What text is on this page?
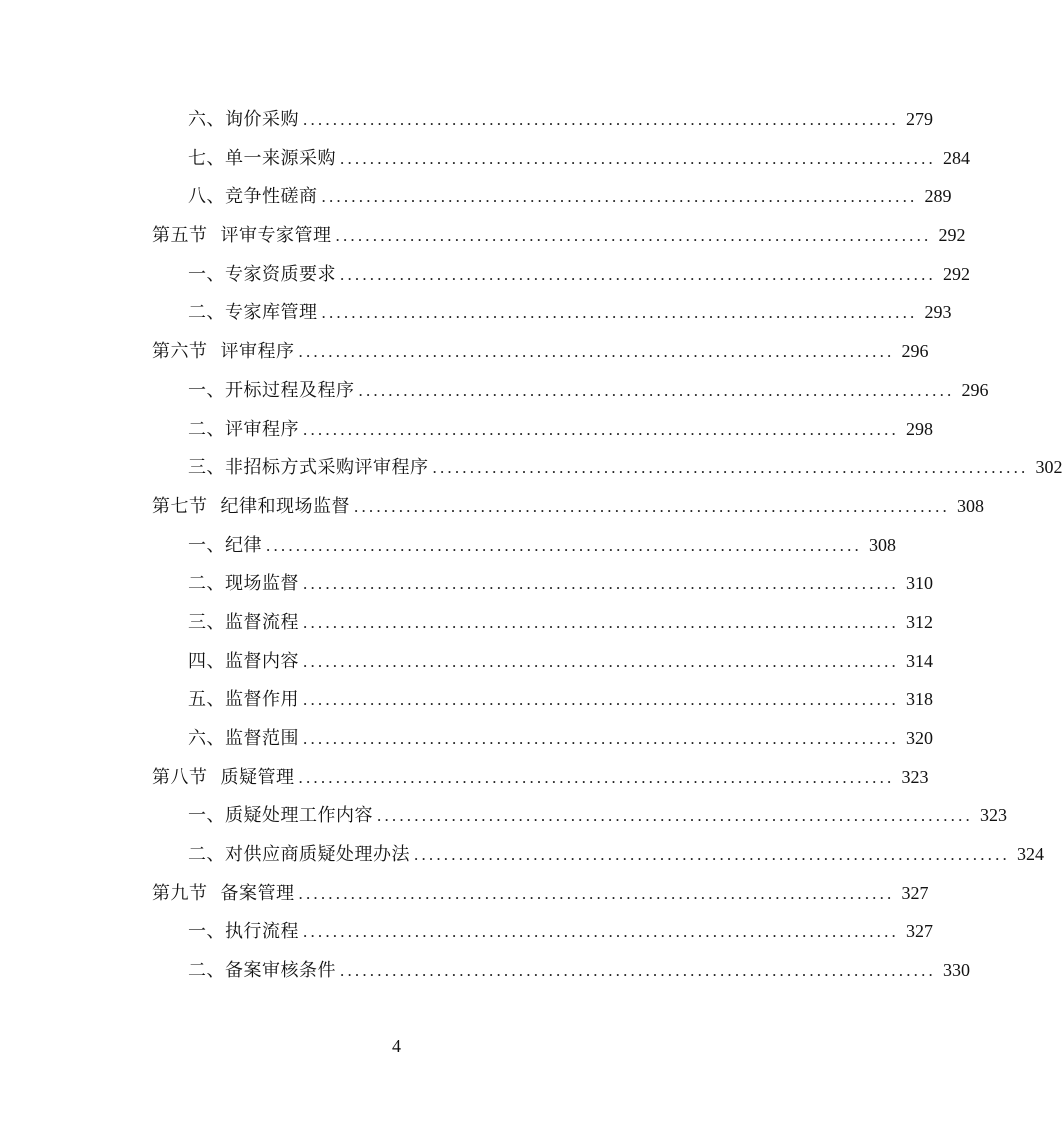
六、询价采购 ................................................................................ 279
七、单一来源采购 ................................................................................ 284
八、竞争性磋商 ................................................................................ 289
第五节 评审专家管理 ................................................................................ 292
一、专家资质要求 ................................................................................ 292
二、专家库管理 ................................................................................ 293
第六节 评审程序 ................................................................................ 296
一、开标过程及程序 ................................................................................ 296
二、评审程序 ................................................................................ 298
三、非招标方式采购评审程序 ................................................................................ 302
第七节 纪律和现场监督 ................................................................................ 308
一、纪律 ................................................................................ 308
二、现场监督 ................................................................................ 310
三、监督流程 ................................................................................ 312
四、监督内容 ................................................................................ 314
五、监督作用 ................................................................................ 318
六、监督范围 ................................................................................ 320
第八节 质疑管理 ................................................................................ 323
一、质疑处理工作内容 ................................................................................ 323
二、对供应商质疑处理办法 ................................................................................ 324
第九节 备案管理 ................................................................................ 327
一、执行流程 ................................................................................ 327
二、备案审核条件 ................................................................................ 330
4
